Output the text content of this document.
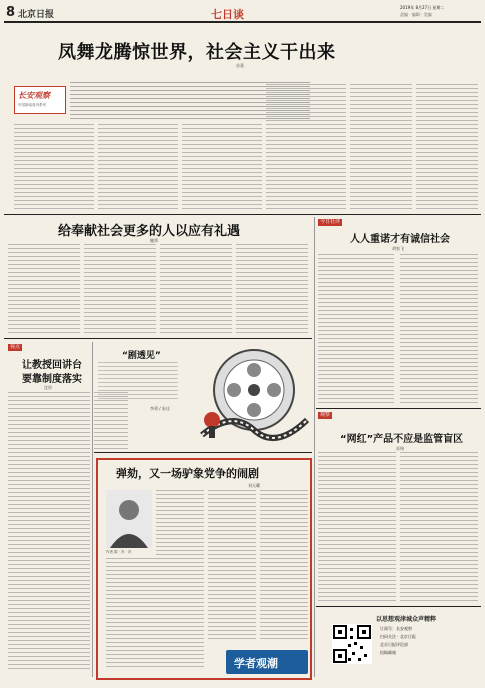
8 北京日报	七日谈
2019年 8月27日 星期二
责编 · 编辑 · 美编
凤舞龙腾惊世界，社会主义干出来
首嘉
长安观察
中国新闻周刊系列
给奉献社会更多的人以应有礼遇
鲍舜
今日社评
人人重诺才有诚信社会
胡家飞
视点
让教授回讲台
要靠制度落实
沈彤
“剧透见”
李勇 / 朱佳
弹劾，又一场驴象党争的闹剧
刘无曜
作者 陈 · 冯 · 冯
学者观潮
观察
“网红”产品不应是监管盲区
苏锡
以思想观津城众声精粹
订阅号：长安观察
扫码关注 · 北京日报
北京日报评论部
投稿邮箱
